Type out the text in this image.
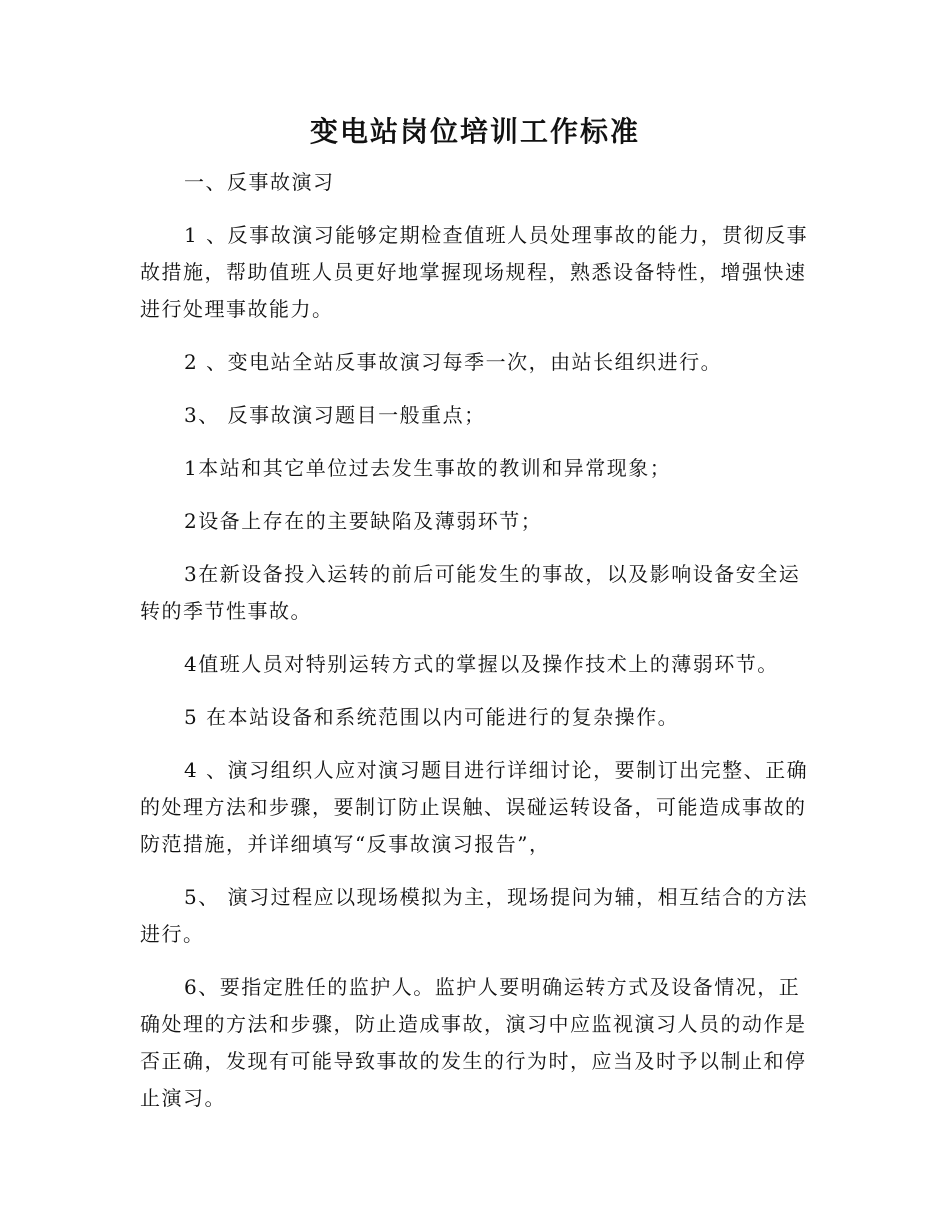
变电站岗位培训工作标准

一、反事故演习

1 、反事故演习能够定期检查值班人员处理事故的能力，贯彻反事故措施，帮助值班人员更好地掌握现场规程，熟悉设备特性，增强快速进行处理事故能力。

2 、变电站全站反事故演习每季一次，由站长组织进行。

3、 反事故演习题目一般重点；

1本站和其它单位过去发生事故的教训和异常现象；

2设备上存在的主要缺陷及薄弱环节；

3在新设备投入运转的前后可能发生的事故，以及影响设备安全运转的季节性事故。

4值班人员对特别运转方式的掌握以及操作技术上的薄弱环节。

5 在本站设备和系统范围以内可能进行的复杂操作。

4 、演习组织人应对演习题目进行详细讨论，要制订出完整、正确的处理方法和步骤，要制订防止误触、误碰运转设备，可能造成事故的防范措施，并详细填写“反事故演习报告”，

5、 演习过程应以现场模拟为主，现场提问为辅，相互结合的方法进行。

6、要指定胜任的监护人。监护人要明确运转方式及设备情况，正确处理的方法和步骤，防止造成事故，演习中应监视演习人员的动作是否正确，发现有可能导致事故的发生的行为时，应当及时予以制止和停止演习。
